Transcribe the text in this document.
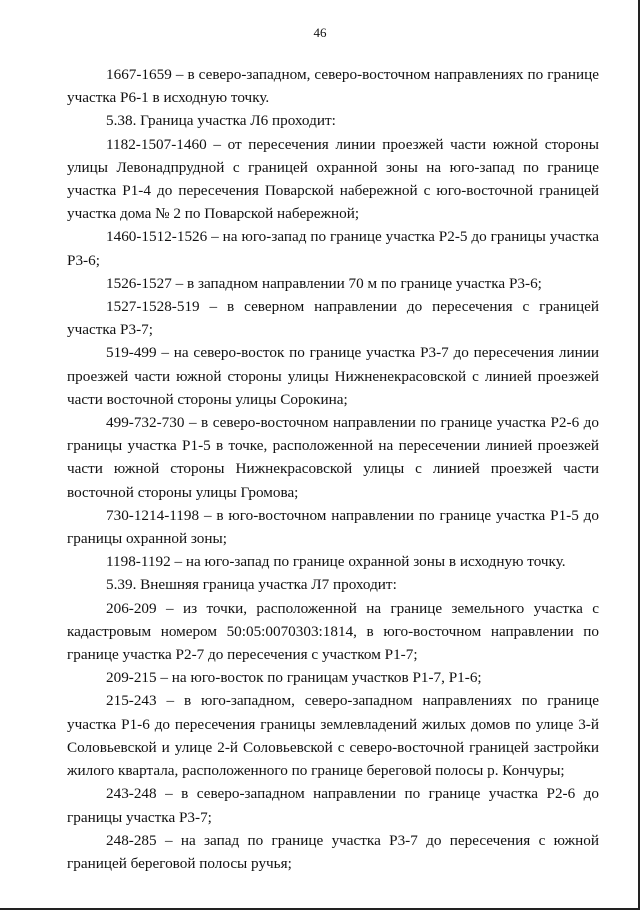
46

1667-1659 – в северо-западном, северо-восточном направлениях по границе участка Р6-1 в исходную точку.

5.38. Граница участка Л6 проходит:

1182-1507-1460 – от пересечения линии проезжей части южной стороны улицы Левонадпрудной с границей охранной зоны на юго-запад по границе участка Р1-4 до пересечения Поварской набережной с юго-восточной границей участка дома № 2 по Поварской набережной;

1460-1512-1526 – на юго-запад по границе участка Р2-5 до границы участка Р3-6;

1526-1527 – в западном направлении 70 м по границе участка Р3-6;

1527-1528-519 – в северном направлении до пересечения с границей участка Р3-7;

519-499 – на северо-восток по границе участка Р3-7 до пересечения линии проезжей части южной стороны улицы Нижненекрасовской с линией проезжей части восточной стороны улицы Сорокина;

499-732-730 – в северо-восточном направлении по границе участка Р2-6 до границы участка Р1-5 в точке, расположенной на пересечении линией проезжей части южной стороны Нижнекрасовской улицы с линией проезжей части восточной стороны улицы Громова;

730-1214-1198 – в юго-восточном направлении по границе участка Р1-5 до границы охранной зоны;

1198-1192 – на юго-запад по границе охранной зоны в исходную точку.

5.39. Внешняя граница участка Л7 проходит:

206-209 – из точки, расположенной на границе земельного участка с кадастровым номером 50:05:0070303:1814, в юго-восточном направлении по границе участка Р2-7 до пересечения с участком Р1-7;

209-215 – на юго-восток по границам участков Р1-7, Р1-6;

215-243 – в юго-западном, северо-западном направлениях по границе участка Р1-6 до пересечения границы землевладений жилых домов по улице 3-й Соловьевской и улице 2-й Соловьевской с северо-восточной границей застройки жилого квартала, расположенного по границе береговой полосы р. Кончуры;

243-248 – в северо-западном направлении по границе участка Р2-6 до границы участка Р3-7;

248-285 – на запад по границе участка Р3-7 до пересечения с южной границей береговой полосы ручья;
